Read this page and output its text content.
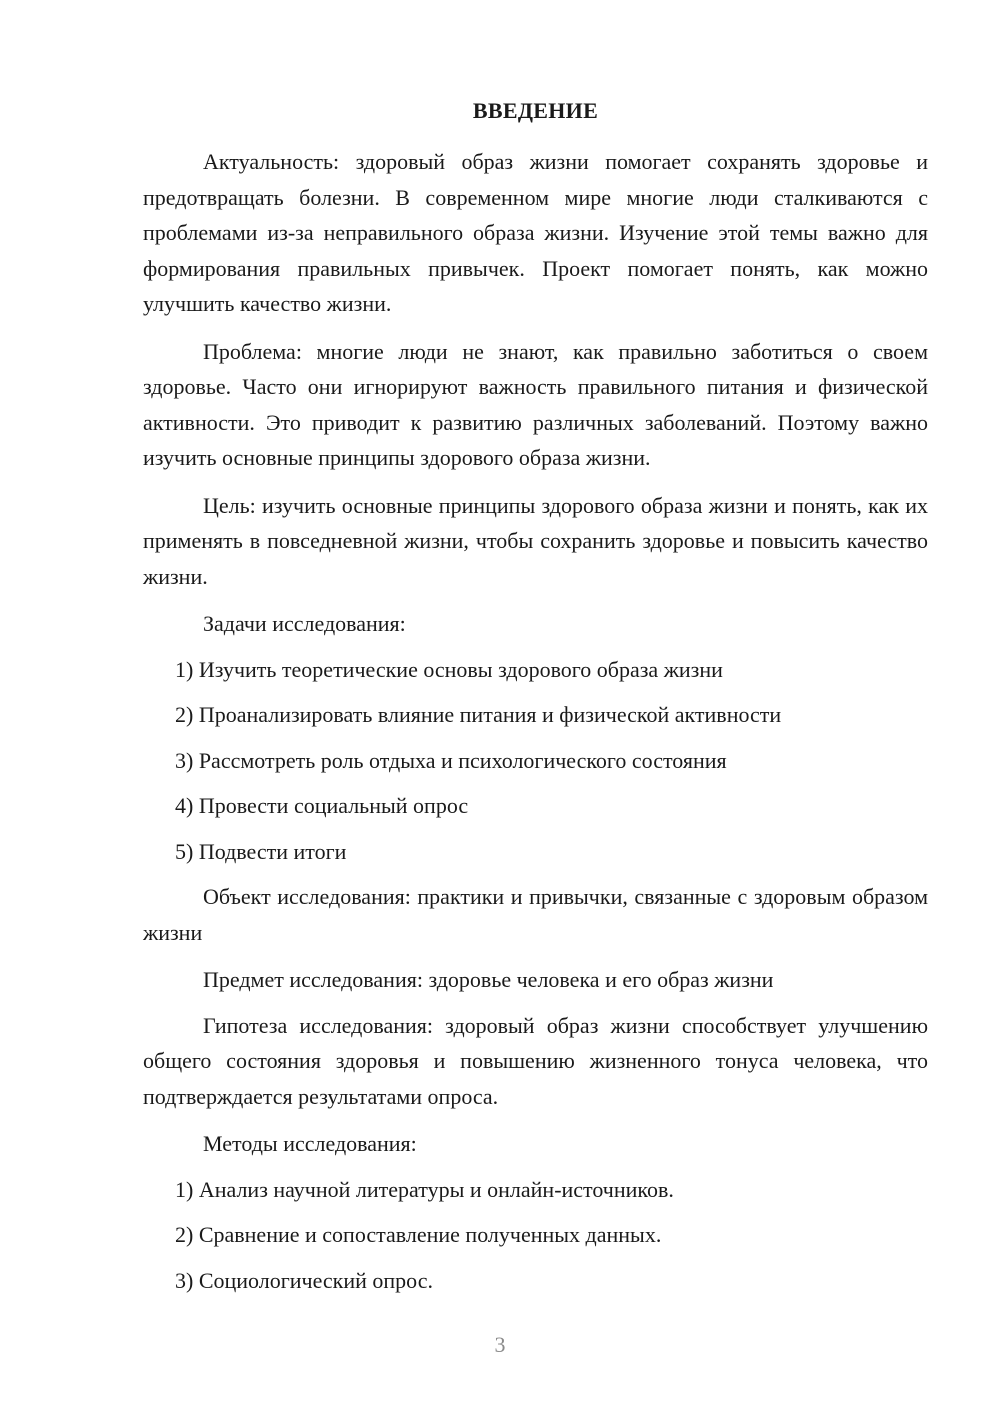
ВВЕДЕНИЕ

Актуальность: здоровый образ жизни помогает сохранять здоровье и предотвращать болезни. В современном мире многие люди сталкиваются с проблемами из-за неправильного образа жизни. Изучение этой темы важно для формирования правильных привычек. Проект помогает понять, как можно улучшить качество жизни.

Проблема: многие люди не знают, как правильно заботиться о своем здоровье. Часто они игнорируют важность правильного питания и физической активности. Это приводит к развитию различных заболеваний. Поэтому важно изучить основные принципы здорового образа жизни.

Цель: изучить основные принципы здорового образа жизни и понять, как их применять в повседневной жизни, чтобы сохранить здоровье и повысить качество жизни.

Задачи исследования:

1) Изучить теоретические основы здорового образа жизни
2) Проанализировать влияние питания и физической активности
3) Рассмотреть роль отдыха и психологического состояния
4) Провести социальный опрос
5) Подвести итоги

Объект исследования: практики и привычки, связанные с здоровым образом жизни

Предмет исследования: здоровье человека и его образ жизни

Гипотеза исследования: здоровый образ жизни способствует улучшению общего состояния здоровья и повышению жизненного тонуса человека, что подтверждается результатами опроса.

Методы исследования:

1) Анализ научной литературы и онлайн-источников.
2) Сравнение и сопоставление полученных данных.
3) Социологический опрос.
3
